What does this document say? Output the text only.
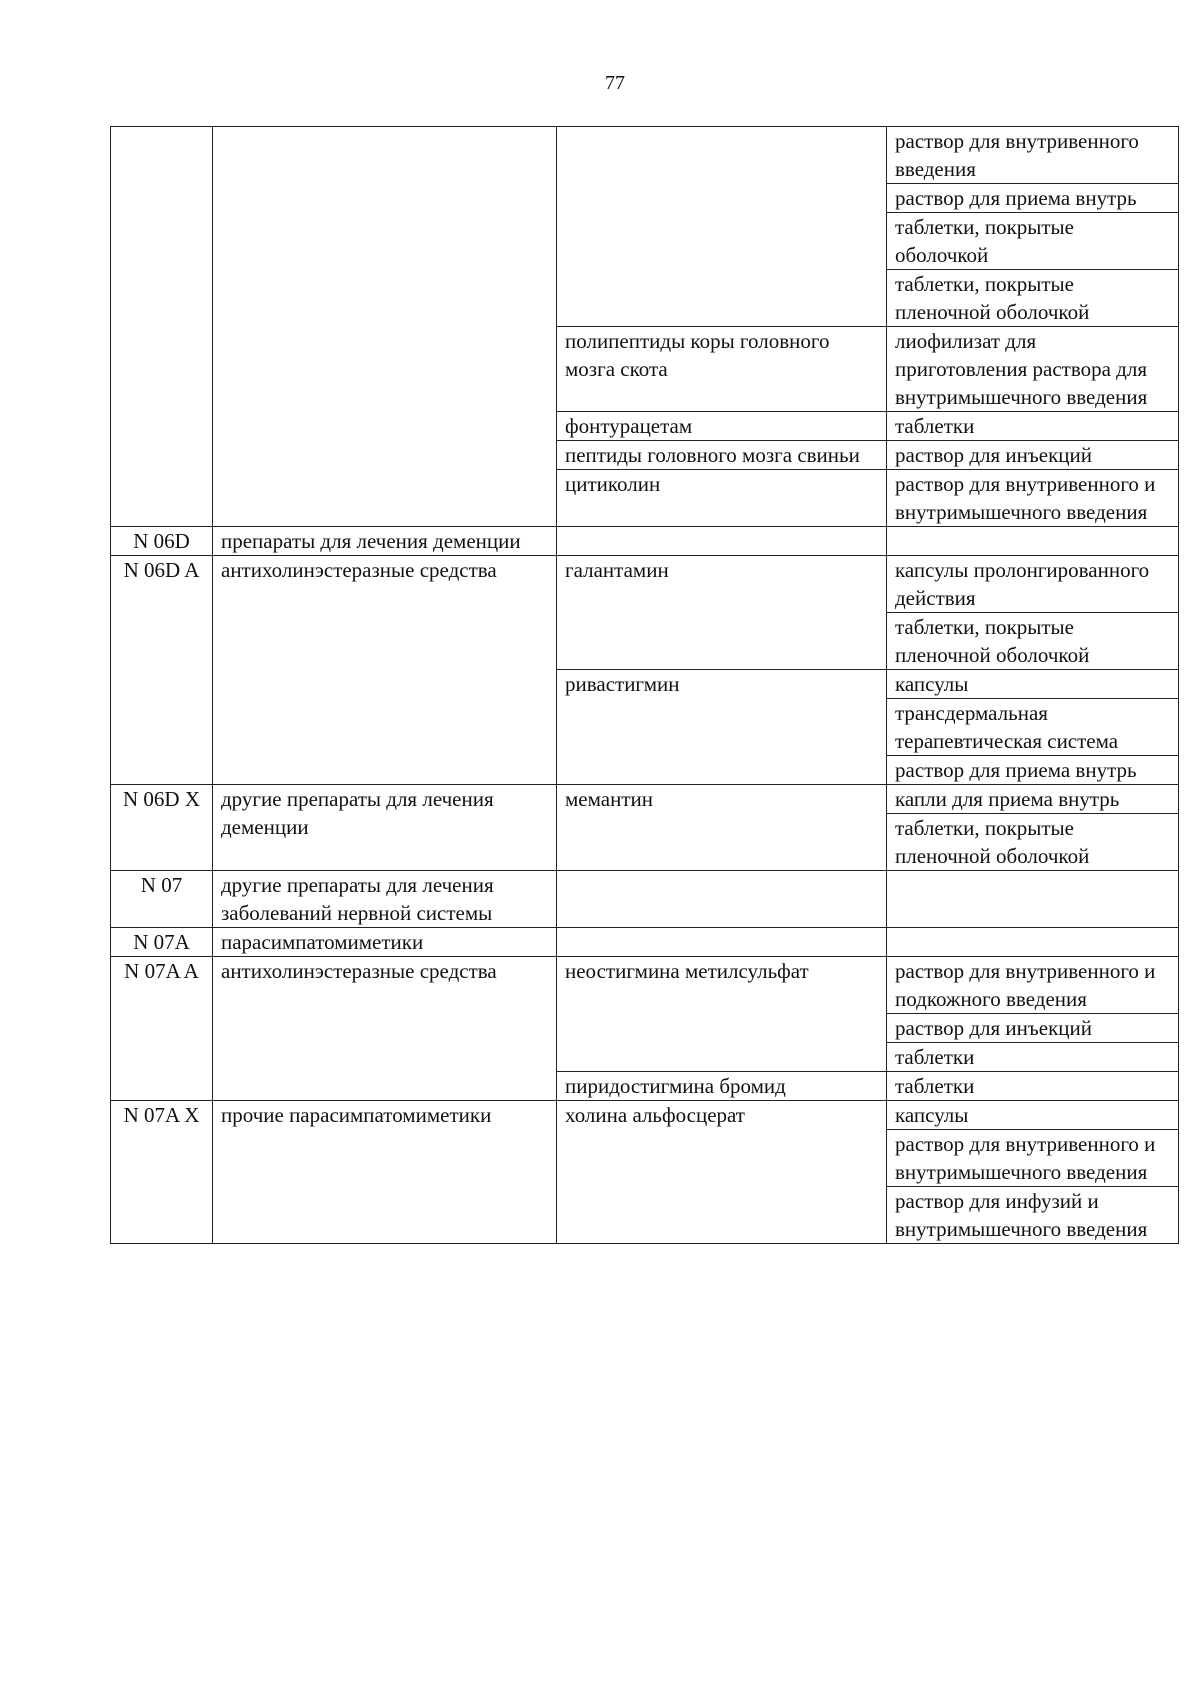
77
			раствор для внутривенного введения
			раствор для приема внутрь
			таблетки, покрытые оболочкой
			таблетки, покрытые пленочной оболочкой
		полипептиды коры головного мозга скота	лиофилизат для приготовления раствора для внутримышечного введения
		фонтурацетам	таблетки
		пептиды головного мозга свиньи	раствор для инъекций
		цитиколин	раствор для внутривенного и внутримышечного введения
N 06D	препараты для лечения деменции		
N 06D A	антихолинэстеразные средства	галантамин	капсулы пролонгированного действия
			таблетки, покрытые пленочной оболочкой
		ривастигмин	капсулы
			трансдермальная терапевтическая система
			раствор для приема внутрь
N 06D X	другие препараты для лечения деменции	мемантин	капли для приема внутрь
			таблетки, покрытые пленочной оболочкой
N 07	другие препараты для лечения заболеваний нервной системы		
N 07A	парасимпатомиметики		
N 07A A	антихолинэстеразные средства	неостигмина метилсульфат	раствор для внутривенного и подкожного введения
			раствор для инъекций
			таблетки
		пиридостигмина бромид	таблетки
N 07A X	прочие парасимпатомиметики	холина альфосцерат	капсулы
			раствор для внутривенного и внутримышечного введения
			раствор для инфузий и внутримышечного введения
